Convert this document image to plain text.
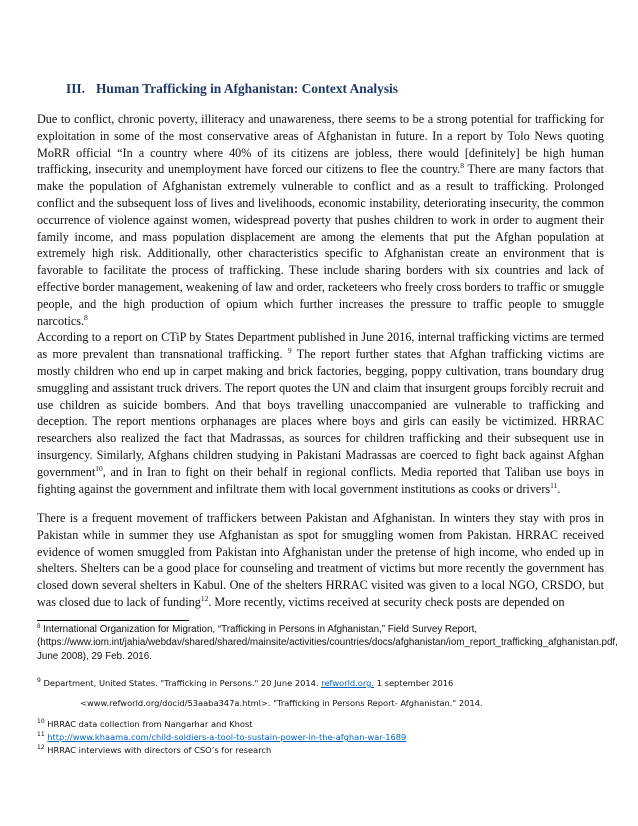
III. Human Trafficking in Afghanistan: Context Analysis

Due to conflict, chronic poverty, illiteracy and unawareness, there seems to be a strong potential for trafficking for exploitation in some of the most conservative areas of Afghanistan in future. In a report by Tolo News quoting MoRR official “In a country where 40% of its citizens are jobless, there would [definitely] be high human trafficking, insecurity and unemployment have forced our citizens to flee the country.$^8$ There are many factors that make the population of Afghanistan extremely vulnerable to conflict and as a result to trafficking. Prolonged conflict and the subsequent loss of lives and livelihoods, economic instability, deteriorating insecurity, the common occurrence of violence against women, widespread poverty that pushes children to work in order to augment their family income, and mass population displacement are among the elements that put the Afghan population at extremely high risk. Additionally, other characteristics specific to Afghanistan create an environment that is favorable to facilitate the process of trafficking. These include sharing borders with six countries and lack of effective border management, weakening of law and order, racketeers who freely cross borders to traffic or smuggle people, and the high production of opium which further increases the pressure to traffic people to smuggle narcotics.$^8$

According to a report on CTiP by States Department published in June 2016, internal trafficking victims are termed as more prevalent than transnational trafficking. $^9$ The report further states that Afghan trafficking victims are mostly children who end up in carpet making and brick factories, begging, poppy cultivation, trans boundary drug smuggling and assistant truck drivers. The report quotes the UN and claim that insurgent groups forcibly recruit and use children as suicide bombers. And that boys travelling unaccompanied are vulnerable to trafficking and deception. The report mentions orphanages are places where boys and girls can easily be victimized. HRRAC researchers also realized the fact that Madrassas, as sources for children trafficking and their subsequent use in insurgency. Similarly, Afghans children studying in Pakistani Madrassas are coerced to fight back against Afghan government$^{10}$, and in Iran to fight on their behalf in regional conflicts. Media reported that Taliban use boys in fighting against the government and infiltrate them with local government institutions as cooks or drivers$^{11}$.

There is a frequent movement of traffickers between Pakistan and Afghanistan. In winters they stay with pros in Pakistan while in summer they use Afghanistan as spot for smuggling women from Pakistan. HRRAC received evidence of women smuggled from Pakistan into Afghanistan under the pretense of high income, who ended up in shelters. Shelters can be a good place for counseling and treatment of victims but more recently the government has closed down several shelters in Kabul. One of the shelters HRRAC visited was given to a local NGO, CRSDO, but was closed due to lack of funding$^{12}$. More recently, victims received at security check posts are depended on

$^8$ International Organization for Migration, “Trafficking in Persons in Afghanistan,” Field Survey Report, (https://www.iom.int/jahia/webdav/shared/shared/mainsite/activities/countries/docs/afghanistan/iom_report_trafficking_afghanistan.pdf, June 2008), 29 Feb. 2016.
$^9$ Department, United States. "Trafficking in Persons." 20 June 2014. refworld.org. 1 september 2016
<www.refworld.org/docid/53aaba347a.html>. "Trafficking in Persons Report- Afghanistan." 2014.
$^{10}$ HRRAC data collection from Nangarhar and Khost
$^{11}$ http://www.khaama.com/child-soldiers-a-tool-to-sustain-power-in-the-afghan-war-1689
$^{12}$ HRRAC interviews with directors of CSO’s for research
